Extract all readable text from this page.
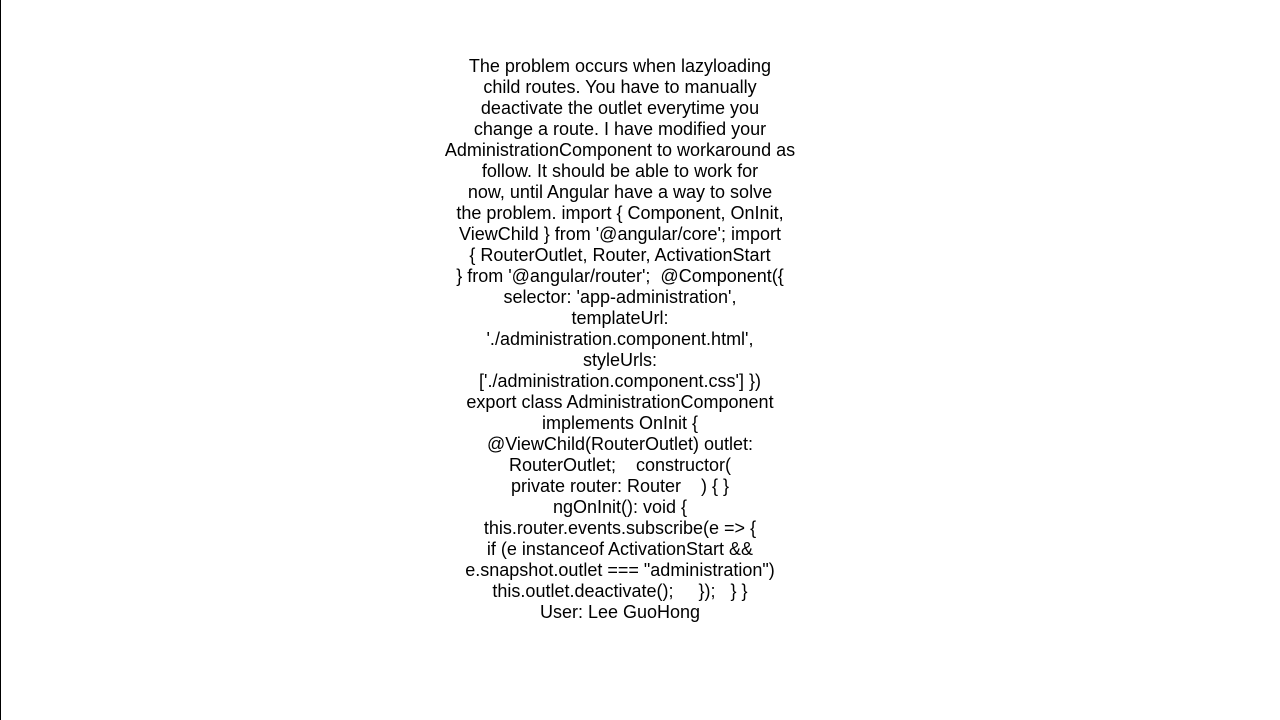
The problem occurs when lazyloading
child routes. You have to manually
deactivate the outlet everytime you
change a route. I have modified your
AdministrationComponent to workaround as
follow. It should be able to work for
now, until Angular have a way to solve
the problem. import { Component, OnInit,
ViewChild } from '@angular/core'; import
{ RouterOutlet, Router, ActivationStart
} from '@angular/router';  @Component({
selector: 'app-administration',
templateUrl:
'./administration.component.html',
styleUrls:
['./administration.component.css'] })
export class AdministrationComponent
implements OnInit {
@ViewChild(RouterOutlet) outlet:
RouterOutlet;    constructor(
private router: Router    ) { }
ngOnInit(): void {
this.router.events.subscribe(e => {
if (e instanceof ActivationStart &&
e.snapshot.outlet === "administration")
this.outlet.deactivate();     });   } }
User: Lee GuoHong
